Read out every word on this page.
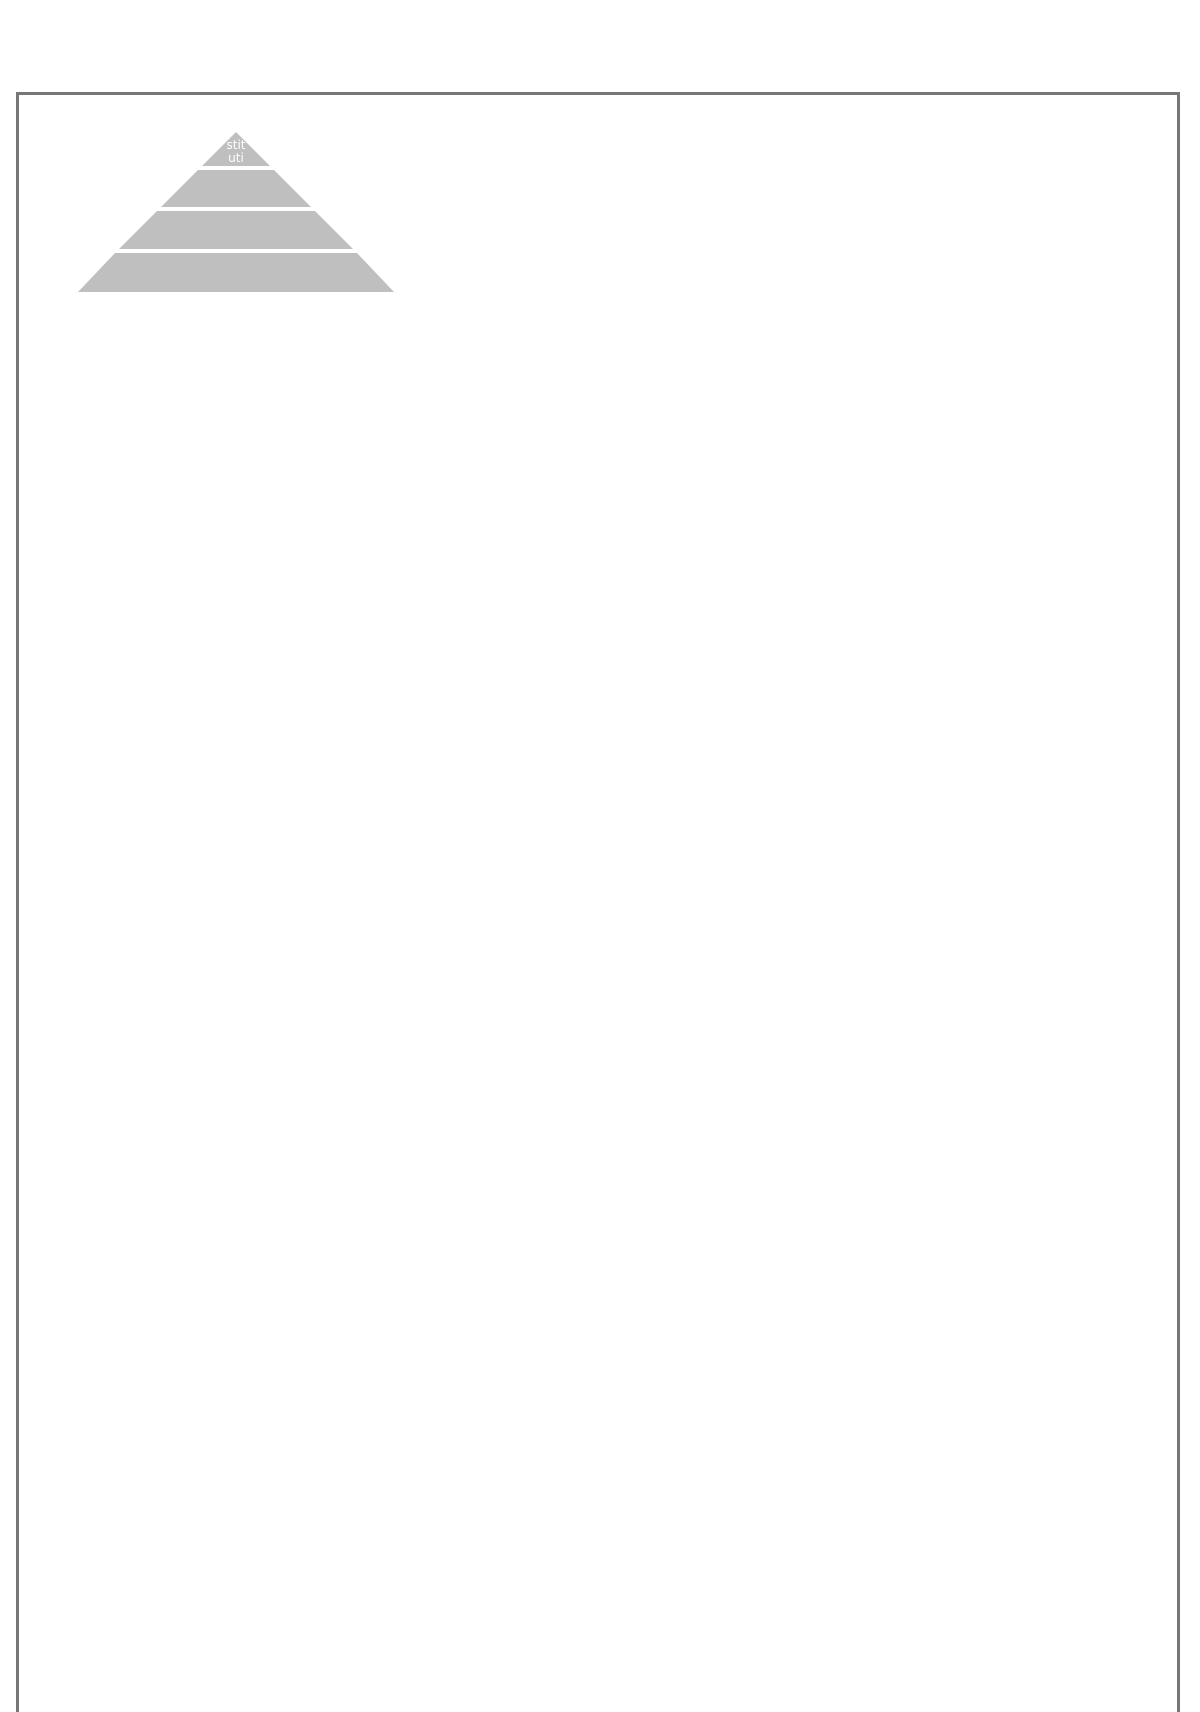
stit uti
